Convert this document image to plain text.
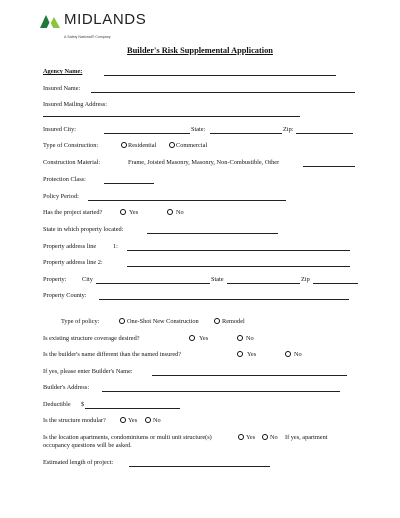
MIDLANDS
A Safety National® Company
Builder's Risk Supplemental Application
Agency Name:
Insured Name:
Insured Mailing Address:
Insured City:	State:	Zip:
Type of Construction:	Residential	Commercial
Construction Material:	Frame, Joisted Masonry, Masonry, Non-Combustible, Other
Protection Class:
Policy Period:
Has the project started?	Yes	No
State in which property located:
Property address line	1:
Property address line 2:
Property: City	State	Zip
Property County:
Type of policy:	One-Shot New Construction	Remodel
Is existing structure coverage desired?	Yes	No
Is the builder's name different than the named insured?	Yes	No
If yes, please enter Builder's Name:
Builder's Address:
Deductible $
Is the structure modular?	Yes	No
Is the location apartments, condominiums or multi unit structure(s)	Yes No If yes, apartment
occupancy questions will be asked.
Estimated length of project:
